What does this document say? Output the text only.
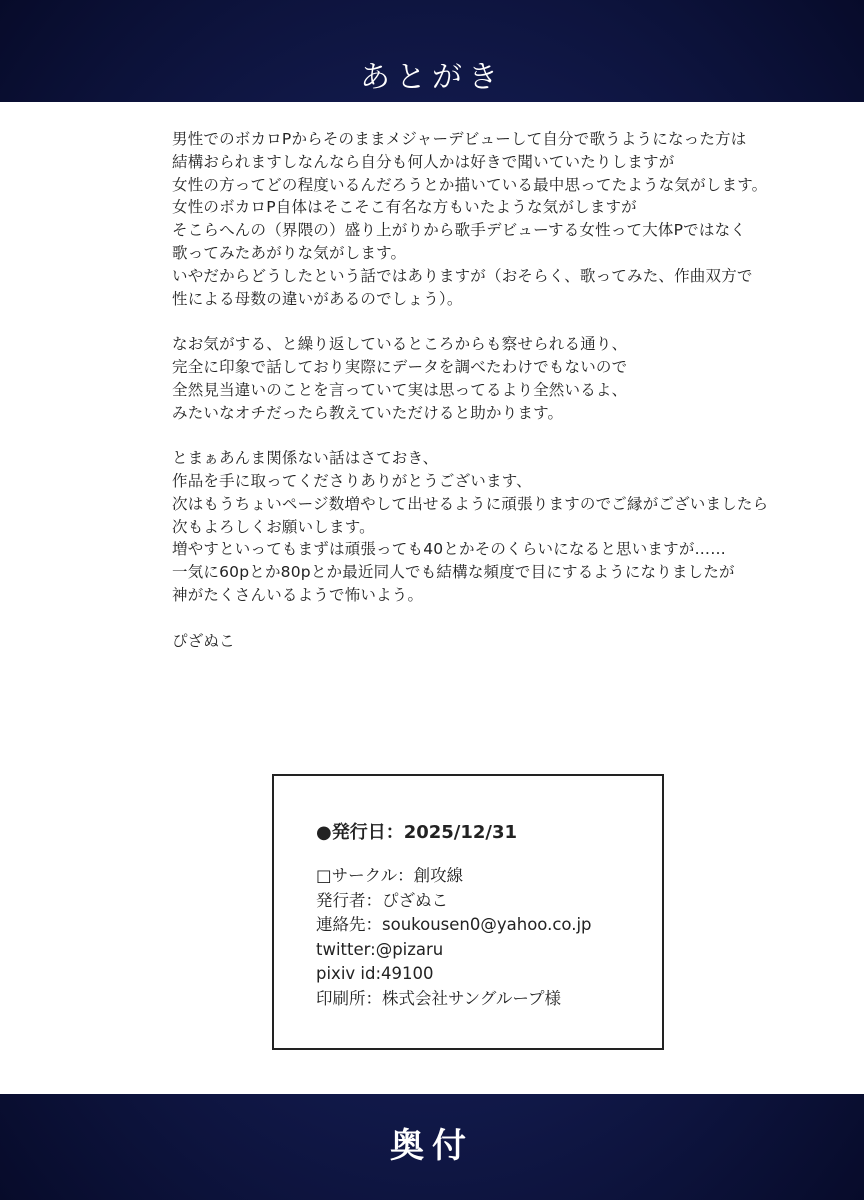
あとがき
男性でのボカロPからそのままメジャーデビューして自分で歌うようになった方は
結構おられますしなんなら自分も何人かは好きで聞いていたりしますが
女性の方ってどの程度いるんだろうとか描いている最中思ってたような気がします。
女性のボカロP自体はそこそこ有名な方もいたような気がしますが
そこらへんの（界隈の）盛り上がりから歌手デビューする女性って大体Pではなく
歌ってみたあがりな気がします。
いやだからどうしたという話ではありますが（おそらく、歌ってみた、作曲双方で
性による母数の違いがあるのでしょう）。
なお気がする、と繰り返しているところからも察せられる通り、
完全に印象で話しており実際にデータを調べたわけでもないので
全然見当違いのことを言っていて実は思ってるより全然いるよ、
みたいなオチだったら教えていただけると助かります。
とまぁあんま関係ない話はさておき、
作品を手に取ってくださりありがとうございます、
次はもうちょいページ数増やして出せるように頑張りますのでご縁がございましたら
次もよろしくお願いします。
増やすといってもまずは頑張っても40とかそのくらいになると思いますが……
一気に60pとか80pとか最近同人でも結構な頻度で目にするようになりましたが
神がたくさんいるようで怖いよう。
ぴざぬこ
●発行日：2025/12/31
□サークル：創攻線
発行者：ぴざぬこ
連絡先：soukousen0@yahoo.co.jp
twitter:@pizaru
pixiv id:49100
印刷所：株式会社サングループ様
奥付
